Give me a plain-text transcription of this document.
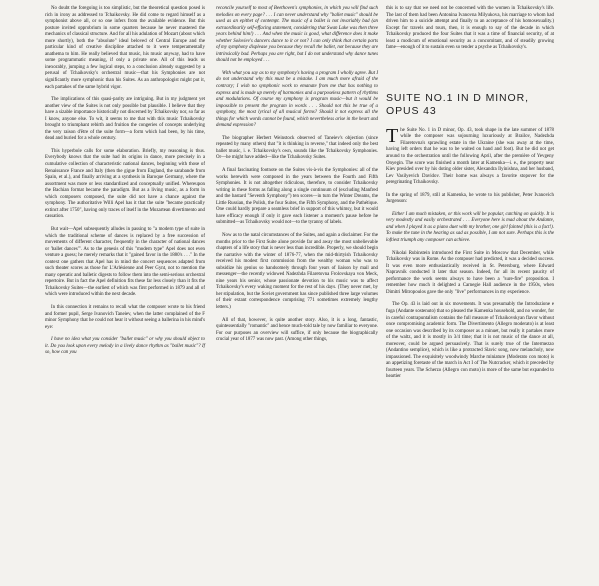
No doubt the foregoing is too simplistic, but the theoretical question posed is rich in irony as addressed to Tchaikovsky. He did come to regard himself as a symphonist above all, or so one infers from the available evidence. But this posture invited opprobrium in some quarters because he never mastered the mechanics of classical structure. And for all his adulation of Mozart (about which more shortly), both the "absolute" ideal beloved of Central Europe and the particular kind of creative discipline attached to it were temperamentally anathema to him. He really believed that music, his music anyway, had to have some programmatic meaning, if only a private one. All of this leads us inexorably, jumping a few logical steps, to a conclusion already suggested by a perusal of Tchaikovsky's orchestral music—that his Symphonies are not significantly more symphonic than his Suites. As an anthropologist might put it, each partakes of the same hybrid vigor.

The implications of this quasi-parity are intriguing. But in my judgment yet another view of the Suites is not only possible but plausible. I believe that they have a sizable importance historically not discerned by Tchaikovsky nor, so far as I know, anyone else. To wit, it seems to me that with this music Tchaikovsky brought to triumphant rebirth and fruition the congeries of concepts underlying the very raison d'être of the suite form—a form which had been, by his time, dead and buried for a whole century.

This hyperbole calls for some elaboration. Briefly, my reasoning is thus. Everybody knows that the suite had its origins in dance, more precisely in a cumulative collection of characteristic national dances, beginning with those of Renaissance France and Italy (then the gigue from England, the sarabande from Spain, et al.), and finally arriving at a synthesis in Baroque Germany, where the assortment was more or less standardized and conceptually unified. Whereupon the Bachian format became the paradigm. But as a living music, as a form in which composers composed, the suite did not have a chance against the symphony. The authoritative Willi Apel has it that the suite "became practically extinct after 1750", having only traces of itself in the Mozartean divertimento and cassation.

But wait—Apel subsequently alludes in passing to "a modern type of suite in which the traditional scheme of dances is replaced by a free succession of movements of different character, frequently in the character of national dances or 'ballet dances'". As to the genesis of this "modern type" Apel does not even venture a guess; he merely remarks that it "gained favor in the 1880's . . ." In the context one gathers that Apel has in mind the concert sequences adapted from such theater scores as those for L'Arlésienne and Peer Gynt, not to mention the many operatic and balletic digests to follow them into the semi-serious orchestral repertoire. But in fact the Apel definition fits these far less closely than it fits the Tchaikovsky Suites—the earliest of which was first performed in 1879 and all of which were introduced within the next decade.

In this connection it remains to recall what the composer wrote to his friend and former pupil, Serge Ivanovich Taneiev, when the latter complained of the F minor Symphony that he could not hear it without seeing a ballerina in his mind's eye:

I have no idea what you consider "ballet music" or why you should object to it. Do you look upon every melody in a lively dance rhythm as "ballet music"? If so, how can you

reconcile yourself to most of Beethoven's symphonies, in which you will find such melodies on every page? . . . I can never understand why "ballet music" should be used as an epithet of contempt. The music of a ballet is not invariably bad (an extraordinarily self-effacing statement, considering that Swan Lake was then three years behind him!) . . . And when the music is good, what difference does it make whether Soloviev's dancers dance to it or not? I can only think that certain parts of my symphony displease you because they recall the ballet, not because they are intrinsically bad. Perhaps you are right, but I do not understand why dance tunes should not be employed . . .

With what you say as to my symphony's having a program I wholly agree. But I do not understand why this must be a mistake. I am much more afraid of the contrary; I wish no symphonic work to emanate from me that has nothing to express and is made up merely of harmonies and a purposeless pattern of rhythms and modulations. Of course my symphony is program music—but it would be impossible to present the program in words . . . Should not this be true of a symphony, the most lyrical of all musical forms? Should it not express all the things for which words cannot be found, which nevertheless arise in the heart and demand expression?

The biographer Herbert Weinstock observed of Taneiev's objection (since repeated by many others) that "it is thinking in reverse," that indeed only the best ballet music, i. e. Tchaikovsky's own, sounds like the Tchaikovsky Symphonies. Or—he might have added—like the Tchaikovsky Suites.

A final fascinating footnote on the Suites vis-à-vis the Symphonies: all of the works herewith were composed in the years between the Fourth and Fifth Symphonies. It is not altogether ridiculous, therefore, to consider Tchaikovsky writing in these forms as falling along a single continuum of (excluding Manfred and the bastard "Seventh Symphony") ten scores—in turn the Winter Dreams, the Little Russian, the Polish, the four Suites, the Fifth Symphony, and the Pathétique. One could hardly prepare a seamless brief in support of this whimsy, but it would have efficacy enough if only it gave each listener a moment's pause before he submitted—as Tchaikovsky would not—to the tyranny of labels.

Now as to the natal circumstances of the Suites, and again a disclaimer. For the months prior to the First Suite alone provide far and away the most unbelievable chapters of a life story that is never less than incredible. Properly, we should begin the narrative with the winter of 1876-77, when the mid-thirtyish Tchaikovsky received his modest first commission from the wealthy woman who was to subsidize his genius so handsomely through four years of liaison by mail and messenger—the recently widowed Nadezhda Filaretovna Frolovskaya von Meck, nine years his senior, whose passionate devotion to his music was to affect Tchaikovsky's every waking moment for the rest of his days. (They never met, by her stipulation, but the Soviet government has since published three large volumes of their extant correspondence comprising 771 sometimes extremely lengthy letters.)

All of that, however, is quite another story. Also, it is a long, fantastic, quintessentially "romantic" and hence much-told tale by now familiar to everyone. For our purposes an overview will suffice, if only because the biographically crucial year of 1877 was now past. (Among other things,

this is to say that we need not be concerned with the women in Tchaikovsky's life. The last of them had been Antonina Ivanovna Milyukova, his marriage to whom had driven him to a suicide attempt and finally to an acceptance of his homosexuality.) Except for travels and tours, then, it is enough to say of the decade in which Tchaikovsky produced the four Suites that it was a time of financial security, of at least a modicum of emotional security as a concomitant, and of steadily growing fame—enough of it to sustain even so tender a psyche as Tchaikovsky's.

SUITE NO.1 IN D MINOR,
OPUS 43

The Suite No. 1 in D minor, Op. 43, took shape in the late summer of 1878 while the composer was sojourning luxuriously at Brailov, Nadezhda Filaretovna's sprawling estate in the Ukraine (she was away at the time, having left orders that he was to be waited on hand and foot). But he did not get around to the orchestration until the following April, after the première of Yevgeny Onyegin. The score was finished a month later at Kamenka—i. e., the property near Kiev presided over by his doting older sister, Alexandra Ilyinishna, and her husband, Lev Vasilyevich Davidov. Their home was always a favorite stopover for the peregrinating Tchaikovsky.

In the spring of 1879, still at Kamenka, he wrote to his publisher, Peter Ivanovich Jurgenson:

Either I am much mistaken, or this work will be popular, catching on quickly. It is very modestly and easily orchestrated . . . Everyone here is mad about the Andante, and when I played it as a piano duet with my brother, one girl fainted (this is a fact!). To make the tune in the hearing as sad as possible, I am not sure. Perhaps this is the loftiest triumph any composer can achieve.

Nikolai Rubinstein introduced the First Suite in Moscow that December, while Tchaikovsky was in Rome. As the composer had predicted, it was a decided success. It was even more enthusiastically received in St. Petersburg, where Edward Napravnik conducted it later that season. Indeed, for all its recent paucity of performance the work seems always to have been a "sure-fire" proposition. I remember how much it delighted a Carnegie Hall audience in the 1950s, when Dimitri Mitropoulos gave the only "live" performances in my experience.

The Op. 43 is laid out in six movements. It was presumably the Introduzione e fuga (Andante sostenuto) that so pleased the Kamenka household, and no wonder, for in careful contrapuntalism contains the full measure of Tchaikovskyan flavor without once compromising academic form. The Divertimento (Allegro moderato) is at least one occasion was described by its composer as a minuet, but really it partakes more of the waltz, and it is mostly in 3/4 time; that it is not music of the dance at all, moreover, could be argued persuasively. That is surely true of the Intermezzo (Andantino semplice), which is like a protracted Slavic song, now melancholy, now impassioned. The exquisitely woodwindy Marche miniature (Moderato con moto) is an appetizing foretaste of the march in Act I of The Nutcracker, which it preceded by fourteen years. The Scherzo (Allegro con moto) is more of the same but expanded to heartier
